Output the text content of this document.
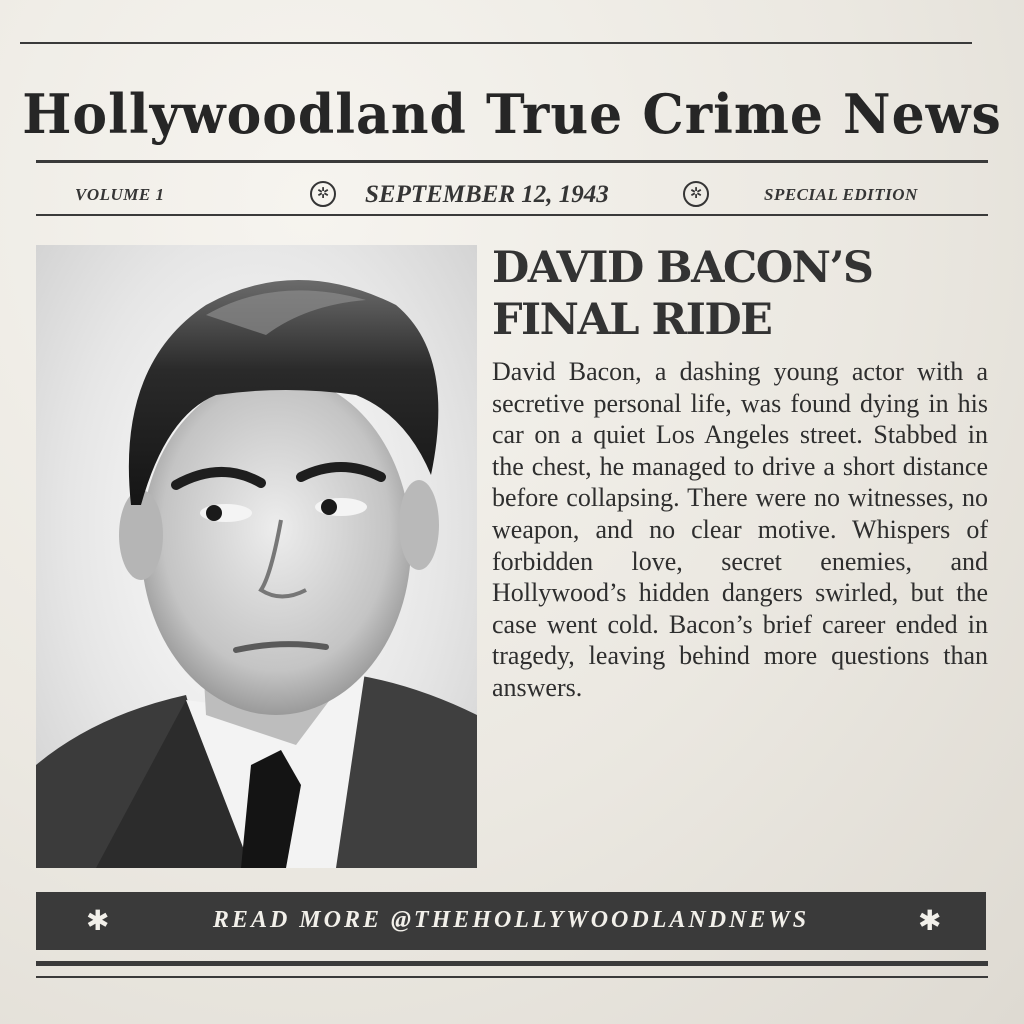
Hollywoodland True Crime News
VOLUME 1	✲ SEPTEMBER 12, 1943	✲	SPECIAL EDITION
DAVID BACON’S FINAL RIDE
David Bacon, a dashing young actor with a secretive personal life, was found dying in his car on a quiet Los Angeles street. Stabbed in the chest, he managed to drive a short distance before collapsing. There were no witnesses, no weapon, and no clear motive. Whispers of forbidden love, secret enemies, and Hollywood’s hidden dangers swirled, but the case went cold. Bacon’s brief career ended in tragedy, leaving behind more questions than answers.
✱	READ MORE @THEHOLLYWOODLANDNEWS	✱
